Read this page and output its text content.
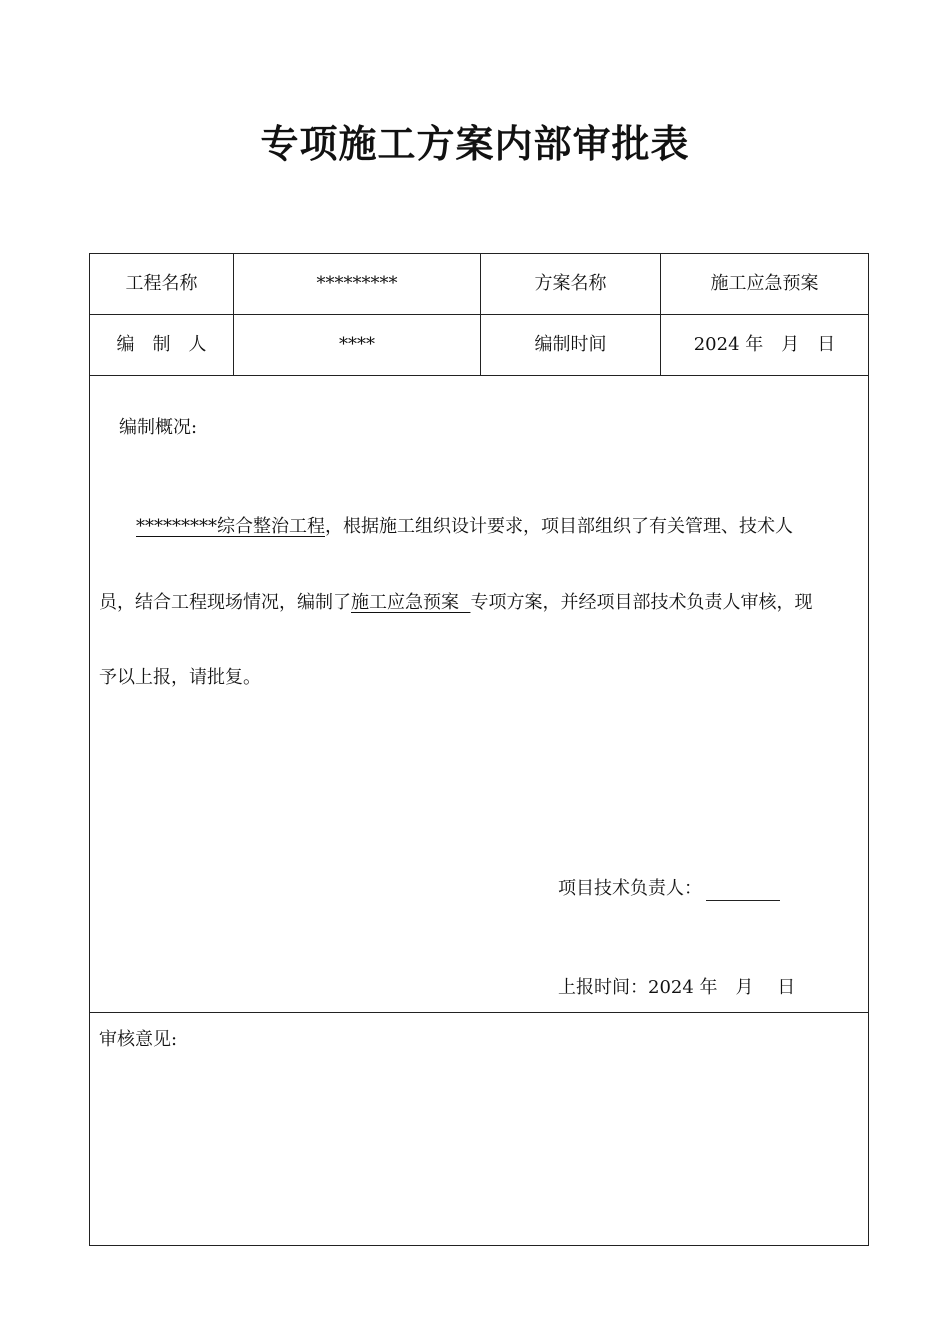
专项施工方案内部审批表
工程名称	*********	方案名称	施工应急预案
编　制　人	****	编制时间	2024 年　月　日
编制概况:
*********综合整治工程，根据施工组织设计要求，项目部组织了有关管理、技术人
员，结合工程现场情况，编制了施工应急预案  专项方案，并经项目部技术负责人审核，现
予以上报，请批复。
项目技术负责人：
上报时间：2024 年　月　 日
审核意见:
